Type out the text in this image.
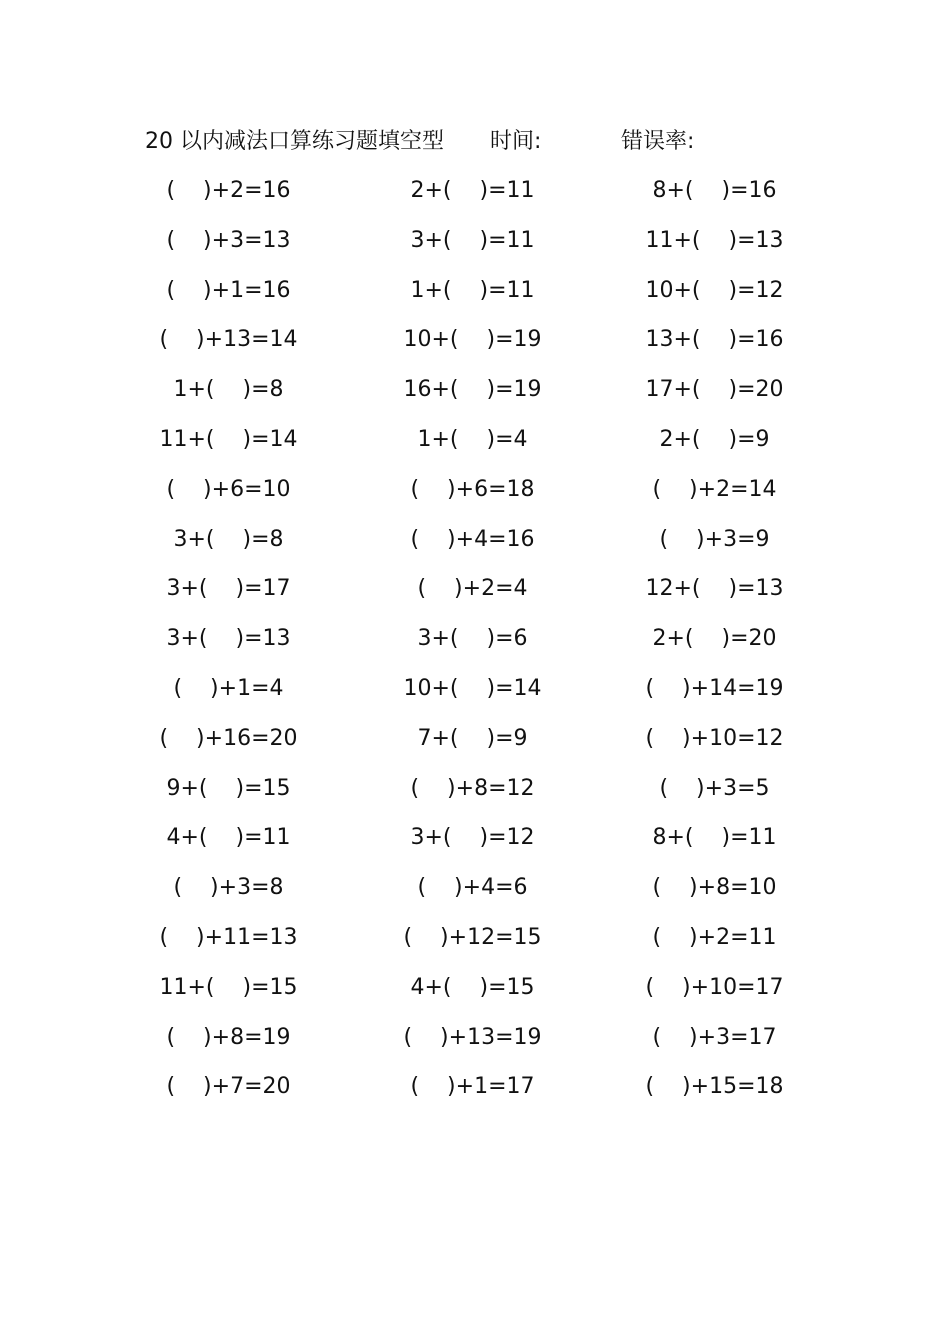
20 以内减法口算练习题填空型 时间:	错误率:
(    )+2=16	2+(    )=11	8+(    )=16
(    )+3=13	3+(    )=11	11+(    )=13
(    )+1=16	1+(    )=11	10+(    )=12
(    )+13=14	10+(    )=19	13+(    )=16
1+(    )=8	16+(    )=19	17+(    )=20
11+(    )=14	1+(    )=4	2+(    )=9
(    )+6=10	(    )+6=18	(    )+2=14
3+(    )=8	(    )+4=16	(    )+3=9
3+(    )=17	(    )+2=4	12+(    )=13
3+(    )=13	3+(    )=6	2+(    )=20
(    )+1=4	10+(    )=14	(    )+14=19
(    )+16=20	7+(    )=9	(    )+10=12
9+(    )=15	(    )+8=12	(    )+3=5
4+(    )=11	3+(    )=12	8+(    )=11
(    )+3=8	(    )+4=6	(    )+8=10
(    )+11=13	(    )+12=15	(    )+2=11
11+(    )=15	4+(    )=15	(    )+10=17
(    )+8=19	(    )+13=19	(    )+3=17
(    )+7=20	(    )+1=17	(    )+15=18
